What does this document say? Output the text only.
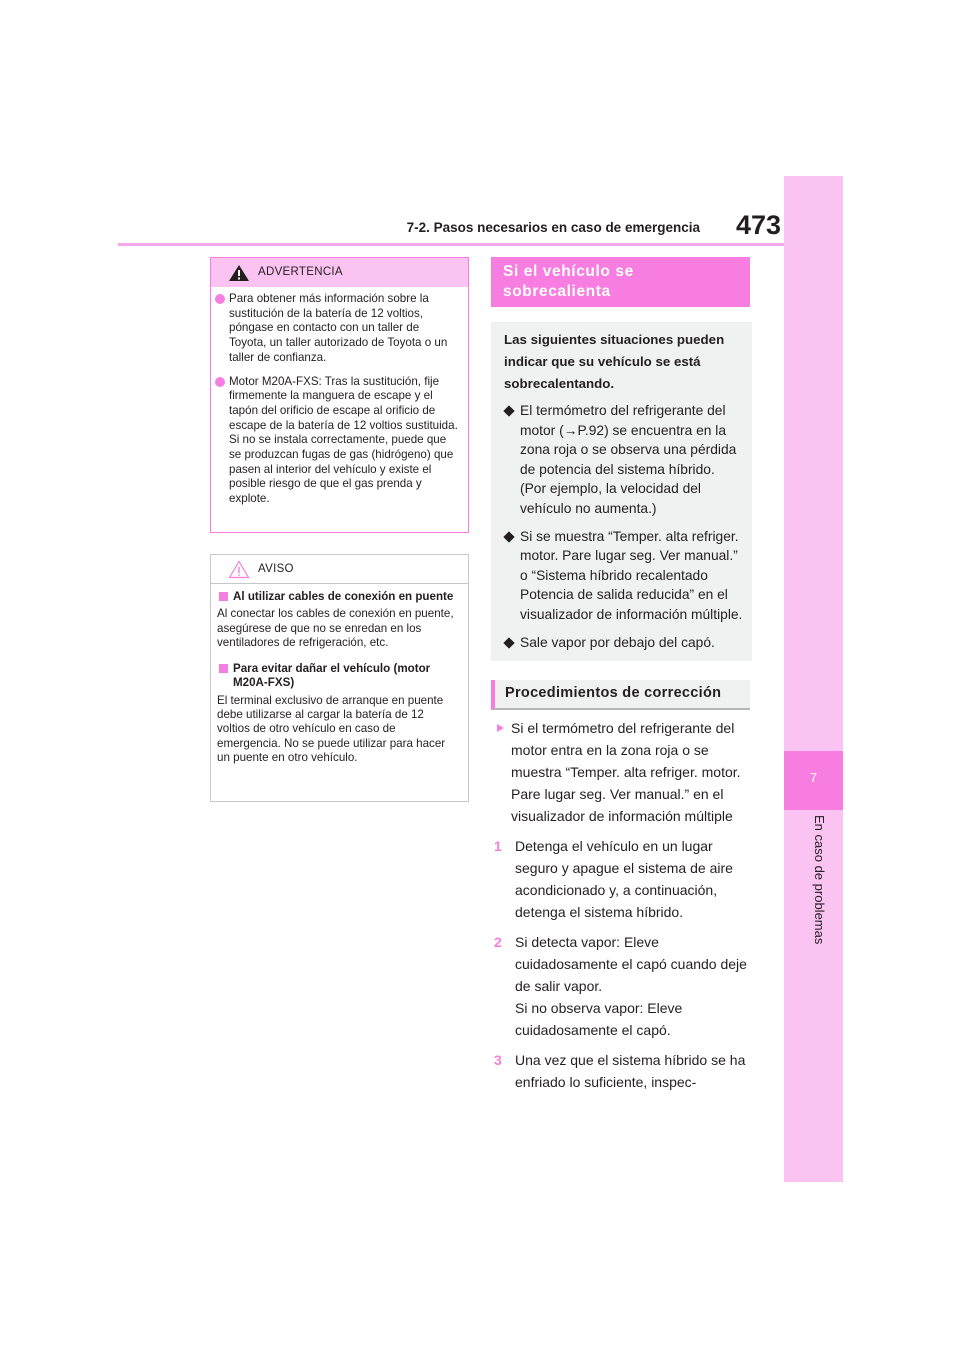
7-2. Pasos necesarios en caso de emergencia 473
7
En caso de problemas
ADVERTENCIA
Para obtener más información sobre la sustitución de la batería de 12 voltios, póngase en contacto con un taller de Toyota, un taller autorizado de Toyota o un taller de confianza.
Motor M20A-FXS: Tras la sustitución, fije firmemente la manguera de escape y el tapón del orificio de escape al orificio de escape de la batería de 12 voltios sustituida. Si no se instala correctamente, puede que se produzcan fugas de gas (hidrógeno) que pasen al interior del vehículo y existe el posible riesgo de que el gas prenda y explote.
AVISO
Al utilizar cables de conexión en puente
Al conectar los cables de conexión en puente, asegúrese de que no se enredan en los ventiladores de refrigeración, etc.
Para evitar dañar el vehículo (motor M20A-FXS)
El terminal exclusivo de arranque en puente debe utilizarse al cargar la batería de 12 voltios de otro vehículo en caso de emergencia. No se puede utilizar para hacer un puente en otro vehículo.
Si el vehículo se sobrecalienta
Las siguientes situaciones pueden indicar que su vehículo se está sobrecalentando.
El termómetro del refrigerante del motor (→P.92) se encuentra en la zona roja o se observa una pérdida de potencia del sistema híbrido. (Por ejemplo, la velocidad del vehículo no aumenta.)
Si se muestra “Temper. alta refriger. motor. Pare lugar seg. Ver manual.” o “Sistema híbrido recalentado Potencia de salida reducida” en el visualizador de información múltiple.
Sale vapor por debajo del capó.
Procedimientos de corrección
Si el termómetro del refrigerante del motor entra en la zona roja o se muestra “Temper. alta refriger. motor. Pare lugar seg. Ver manual.” en el visualizador de información múltiple
1 Detenga el vehículo en un lugar seguro y apague el sistema de aire acondicionado y, a continuación, detenga el sistema híbrido.
2 Si detecta vapor: Eleve cuidadosamente el capó cuando deje de salir vapor.
Si no observa vapor: Eleve cuidadosamente el capó.
3 Una vez que el sistema híbrido se ha enfriado lo suficiente, inspec-
